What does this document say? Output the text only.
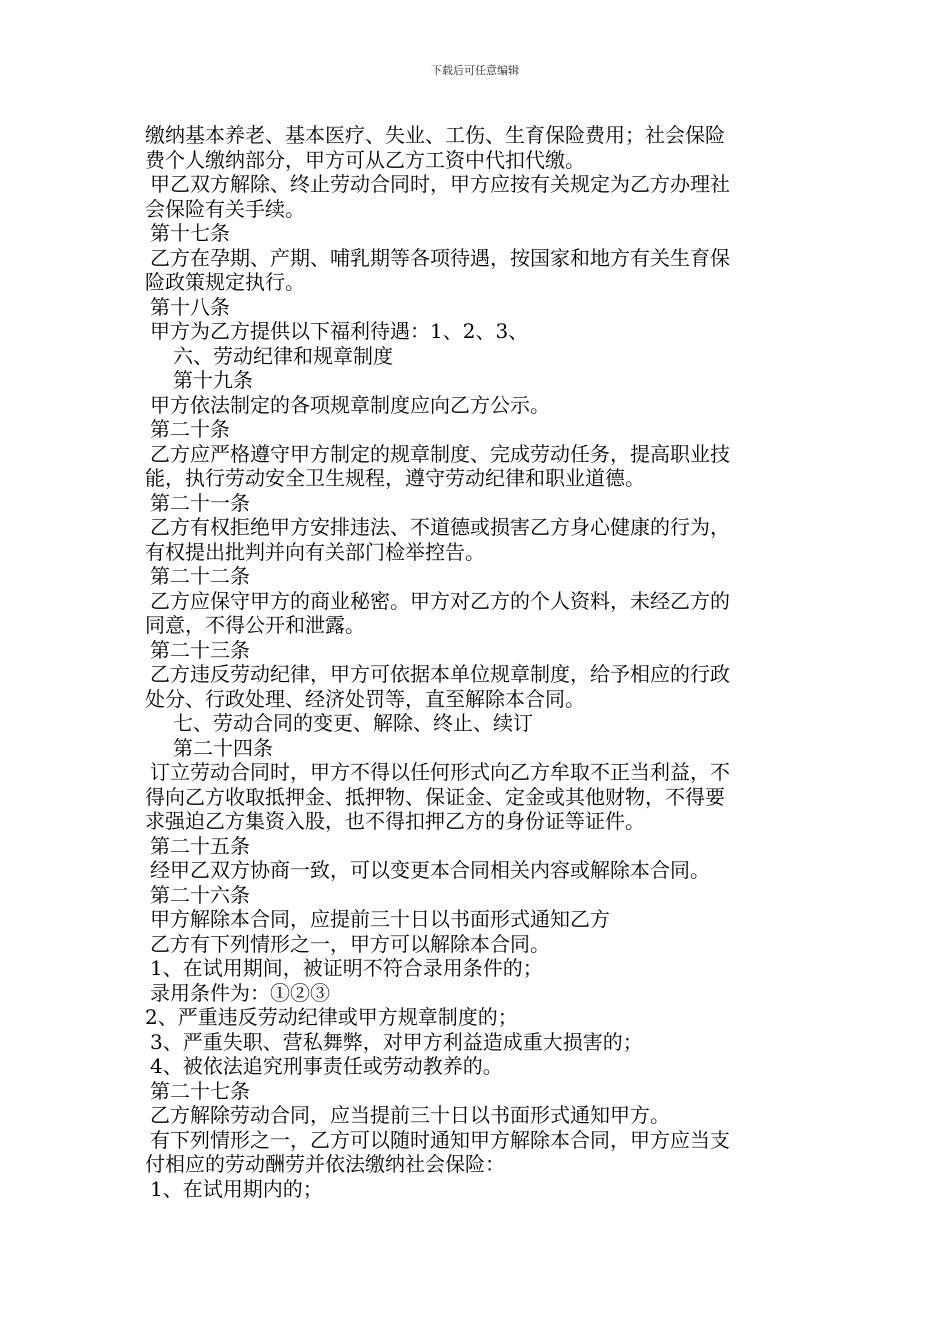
下载后可任意编辑
缴纳基本养老、基本医疗、失业、工伤、生育保险费用；社会保险
费个人缴纳部分，甲方可从乙方工资中代扣代缴。
甲乙双方解除、终止劳动合同时，甲方应按有关规定为乙方办理社
会保险有关手续。
第十七条
乙方在孕期、产期、哺乳期等各项待遇，按国家和地方有关生育保
险政策规定执行。
第十八条
甲方为乙方提供以下福利待遇：1、2、3、
六、劳动纪律和规章制度
第十九条
甲方依法制定的各项规章制度应向乙方公示。
第二十条
乙方应严格遵守甲方制定的规章制度、完成劳动任务，提高职业技
能，执行劳动安全卫生规程，遵守劳动纪律和职业道德。
第二十一条
乙方有权拒绝甲方安排违法、不道德或损害乙方身心健康的行为，
有权提出批判并向有关部门检举控告。
第二十二条
乙方应保守甲方的商业秘密。甲方对乙方的个人资料，未经乙方的
同意，不得公开和泄露。
第二十三条
乙方违反劳动纪律，甲方可依据本单位规章制度，给予相应的行政
处分、行政处理、经济处罚等，直至解除本合同。
七、劳动合同的变更、解除、终止、续订
第二十四条
订立劳动合同时，甲方不得以任何形式向乙方牟取不正当利益，不
得向乙方收取抵押金、抵押物、保证金、定金或其他财物，不得要
求强迫乙方集资入股，也不得扣押乙方的身份证等证件。
第二十五条
经甲乙双方协商一致，可以变更本合同相关内容或解除本合同。
第二十六条
甲方解除本合同，应提前三十日以书面形式通知乙方
乙方有下列情形之一，甲方可以解除本合同。
1、在试用期间，被证明不符合录用条件的；
录用条件为：①②③
2、严重违反劳动纪律或甲方规章制度的；
3、严重失职、营私舞弊，对甲方利益造成重大损害的；
4、被依法追究刑事责任或劳动教养的。
第二十七条
乙方解除劳动合同，应当提前三十日以书面形式通知甲方。
有下列情形之一，乙方可以随时通知甲方解除本合同，甲方应当支
付相应的劳动酬劳并依法缴纳社会保险：
1、在试用期内的；
